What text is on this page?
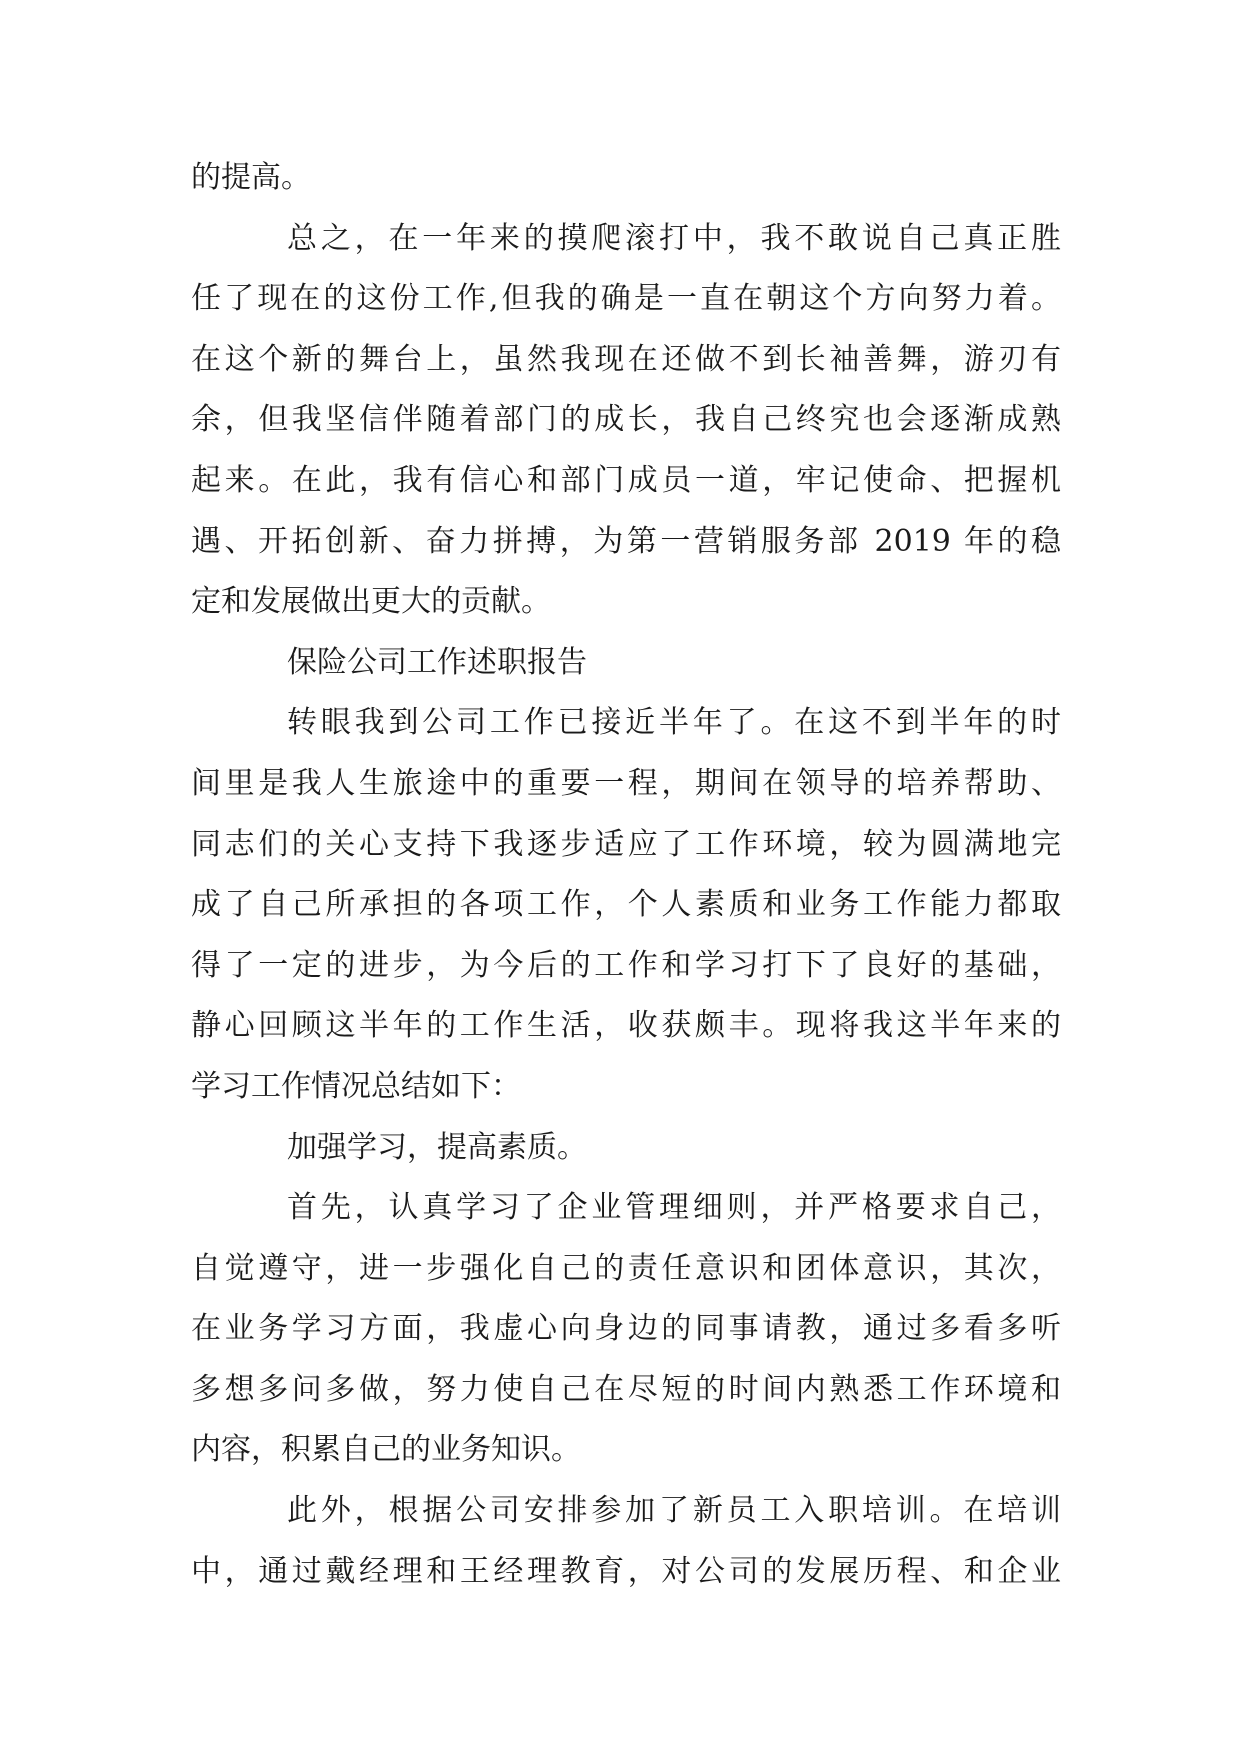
的提高。
总之，在一年来的摸爬滚打中，我不敢说自己真正胜
任了现在的这份工作,但我的确是一直在朝这个方向努力着。
在这个新的舞台上，虽然我现在还做不到长袖善舞，游刃有
余，但我坚信伴随着部门的成长，我自己终究也会逐渐成熟
起来。在此，我有信心和部门成员一道，牢记使命、把握机
遇、开拓创新、奋力拼搏，为第一营销服务部 2019 年的稳
定和发展做出更大的贡献。
保险公司工作述职报告
转眼我到公司工作已接近半年了。在这不到半年的时
间里是我人生旅途中的重要一程，期间在领导的培养帮助、
同志们的关心支持下我逐步适应了工作环境，较为圆满地完
成了自己所承担的各项工作，个人素质和业务工作能力都取
得了一定的进步，为今后的工作和学习打下了良好的基础，
静心回顾这半年的工作生活，收获颇丰。现将我这半年来的
学习工作情况总结如下：
加强学习，提高素质。
首先，认真学习了企业管理细则，并严格要求自己，
自觉遵守，进一步强化自己的责任意识和团体意识，其次，
在业务学习方面，我虚心向身边的同事请教，通过多看多听
多想多问多做，努力使自己在尽短的时间内熟悉工作环境和
内容，积累自己的业务知识。
此外，根据公司安排参加了新员工入职培训。在培训
中，通过戴经理和王经理教育，对公司的发展历程、和企业
